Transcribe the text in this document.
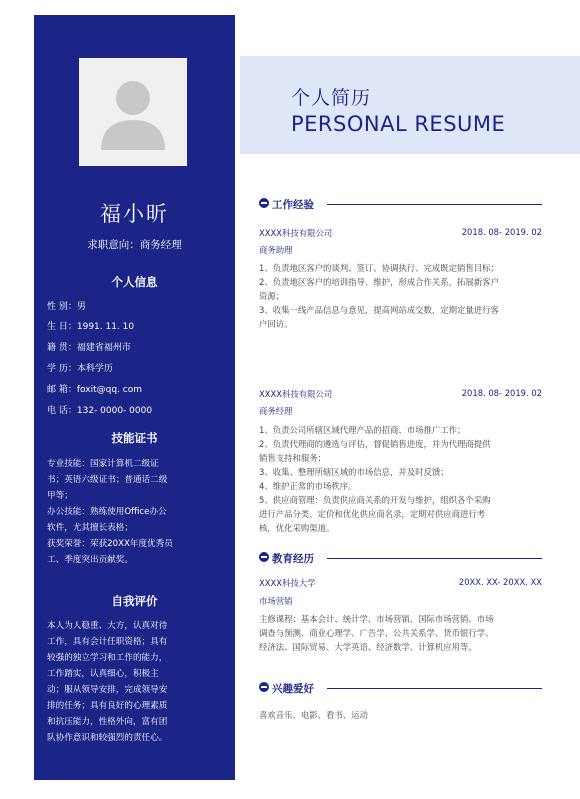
福小昕
求职意向：商务经理
个人信息
性 别：男
生 日：1991. 11. 10
籍 贯：福建省福州市
学 历：本科学历
邮 箱：foxit@qq. com
电 话：132- 0000- 0000
技能证书
专业技能：国家计算机二级证
书；英语六级证书；普通话二级
甲等；
办公技能：熟练使用Office办公
软件，尤其擅长表格；
获奖荣誉：荣获20XX年度优秀员
工、季度突出贡献奖。
自我评价
本人为人稳重、大方，认真对待
工作，具有会计任职资格；具有
较强的独立学习和工作的能力，
工作踏实，认真细心，积极主
动；服从领导安排，完成领导安
排的任务；具有良好的心理素质
和抗压能力，性格外向，富有团
队协作意识和较强烈的责任心。
个人简历
PERSONAL RESUME
工作经验
XXXX科技有限公司	2018. 08- 2019. 02
商务助理
1、负责地区客户的谈判、签订、协调执行、完成既定销售目标；
2、负责地区客户的培训指导、维护，形成合作关系，拓展新客户
资源；
3、收集一线产品信息与意见，提高网站成交数，定期定量进行客
户回访。
XXXX科技有限公司	2018. 08- 2019. 02
商务经理
1、负责公司所辖区域代理产品的招商、市场推广工作；
2、负责代理商的遴选与评估，督促销售进度，并为代理商提供
销售支持和服务；
3、收集、整理所辖区域的市场信息，并及时反馈；
4、维护正常的市场秩序。
5、供应商管理：负责供应商关系的开发与维护，组织各个采购
进行产品分类、定价和优化供应商名录，定期对供应商进行考
核，优化采购渠道。
教育经历
XXXX科技大学	20XX. XX- 20XX. XX
市场营销
主修课程：基本会计、统计学、市场营销、国际市场营销、市场
调查与预测、商业心理学、广告学、公共关系学、货币银行学、
经济法、国际贸易、大学英语、经济数学、计算机应用等。
兴趣爱好
喜欢音乐、电影、看书、运动
